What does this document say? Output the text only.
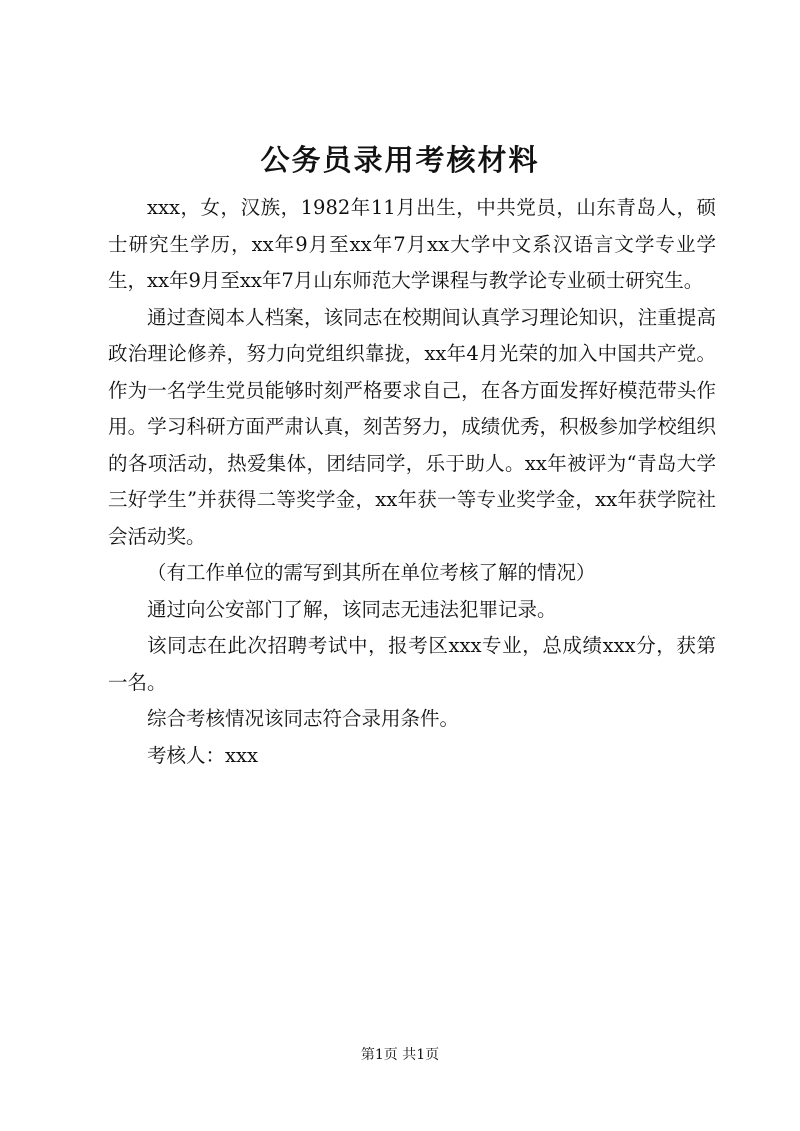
公务员录用考核材料

xxx，女，汉族，1982年11月出生，中共党员，山东青岛人，硕士研究生学历，xx年9月至xx年7月xx大学中文系汉语言文学专业学生，xx年9月至xx年7月山东师范大学课程与教学论专业硕士研究生。

通过查阅本人档案，该同志在校期间认真学习理论知识，注重提高政治理论修养，努力向党组织靠拢，xx年4月光荣的加入中国共产党。作为一名学生党员能够时刻严格要求自己，在各方面发挥好模范带头作用。学习科研方面严肃认真，刻苦努力，成绩优秀，积极参加学校组织的各项活动，热爱集体，团结同学，乐于助人。xx年被评为“青岛大学三好学生”并获得二等奖学金，xx年获一等专业奖学金，xx年获学院社会活动奖。

（有工作单位的需写到其所在单位考核了解的情况）

通过向公安部门了解，该同志无违法犯罪记录。

该同志在此次招聘考试中，报考区xxx专业，总成绩xxx分，获第一名。

综合考核情况该同志符合录用条件。

考核人：xxx

第1页 共1页
